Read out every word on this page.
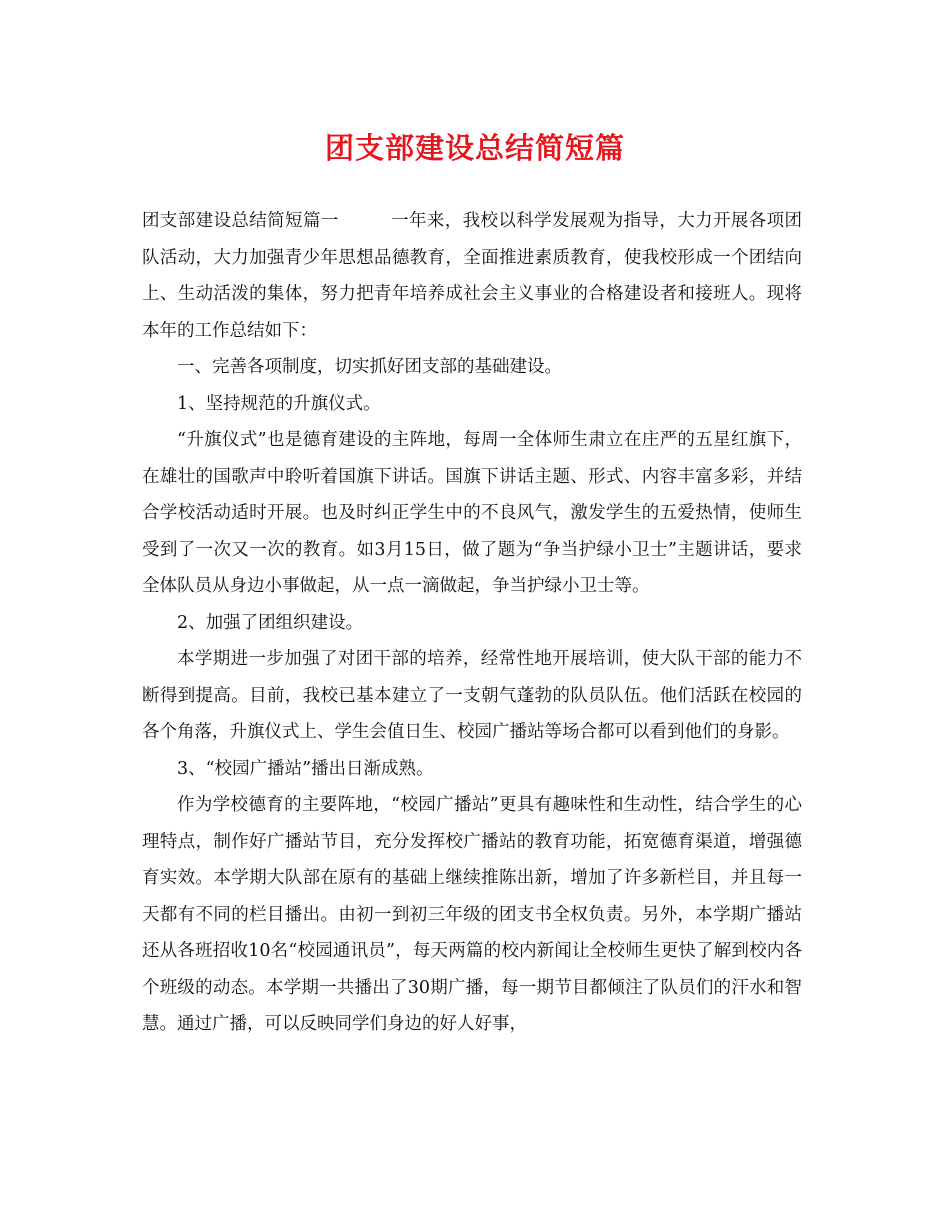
团支部建设总结简短篇

团支部建设总结简短篇一	一年来，我校以科学发展观为指导，大力开展各项团队活动，大力加强青少年思想品德教育，全面推进素质教育，使我校形成一个团结向上、生动活泼的集体，努力把青年培养成社会主义事业的合格建设者和接班人。现将本年的工作总结如下：

一、完善各项制度，切实抓好团支部的基础建设。

1、坚持规范的升旗仪式。

“升旗仪式”也是德育建设的主阵地，每周一全体师生肃立在庄严的五星红旗下，在雄壮的国歌声中聆听着国旗下讲话。国旗下讲话主题、形式、内容丰富多彩，并结合学校活动适时开展。也及时纠正学生中的不良风气，激发学生的五爱热情，使师生受到了一次又一次的教育。如3月15日，做了题为“争当护绿小卫士”主题讲话，要求全体队员从身边小事做起，从一点一滴做起，争当护绿小卫士等。

2、加强了团组织建设。

本学期进一步加强了对团干部的培养，经常性地开展培训，使大队干部的能力不断得到提高。目前，我校已基本建立了一支朝气蓬勃的队员队伍。他们活跃在校园的各个角落，升旗仪式上、学生会值日生、校园广播站等场合都可以看到他们的身影。

3、“校园广播站”播出日渐成熟。

作为学校德育的主要阵地，“校园广播站”更具有趣味性和生动性，结合学生的心理特点，制作好广播站节目，充分发挥校广播站的教育功能，拓宽德育渠道，增强德育实效。本学期大队部在原有的基础上继续推陈出新，增加了许多新栏目，并且每一天都有不同的栏目播出。由初一到初三年级的团支书全权负责。另外，本学期广播站还从各班招收10名“校园通讯员”，每天两篇的校内新闻让全校师生更快了解到校内各个班级的动态。本学期一共播出了30期广播，每一期节目都倾注了队员们的汗水和智慧。通过广播，可以反映同学们身边的好人好事，
